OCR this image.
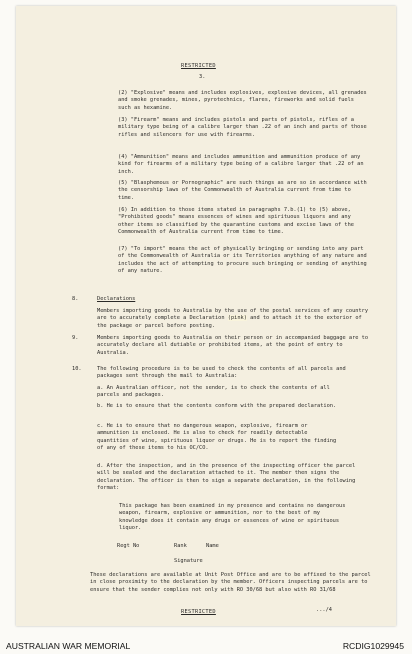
RESTRICTED
3.

(2) "Explosive" means and includes explosives, explosive devices, all grenades and smoke grenades, mines, pyrotechnics, flares, fireworks and solid fuels such as hexamine.

(3) "Firearm" means and includes pistols and parts of pistols, rifles of a military type being of a calibre larger than .22 of an inch and parts of those rifles and silencers for use with firearms.

(4) "Ammunition" means and includes ammunition and ammunition produce of any kind for firearms of a military type being of a calibre larger that .22 of an inch.

(5) "Blasphemous or Pornographic" are such things as are so in accordance with the censorship laws of the Commonwealth of Australia current from time to time.

(6) In addition to those items stated in paragraphs 7.b.(1) to (5) above, "Prohibited goods" means essences of wines and spirituous liquors and any other items so classified by the quarantine customs and excise laws of the Commonwealth of Australia current from time to time.

(7) "To import" means the act of physically bringing or sending into any part of the Commonwealth of Australia or its Territories anything of any nature and includes the act of attempting to procure such bringing or sending of anything of any nature.

8.	Declarations

Members importing goods to Australia by the use of the postal services of any country are to accurately complete a Declaration (pink) and to attach it to the exterior of the package or parcel before posting.

9.	Members importing goods to Australia on their person or in accompanied baggage are to accurately declare all dutiable or prohibited items, at the point of entry to Australia.

10.	The following procedure is to be used to check the contents of all parcels and packages sent through the mail to Australia:

a. An Australian officer, not the sender, is to check the contents of all parcels and packages.

b. He is to ensure that the contents conform with the prepared declaration.

c. He is to ensure that no dangerous weapon, explosive, firearm or ammunition is enclosed. He is also to check for readily detectable quantities of wine, spirituous liquor or drugs. He is to report the finding of any of these items to his OC/CO.

d. After the inspection, and in the presence of the inspecting officer the parcel will be sealed and the declaration attached to it. The member then signs the declaration. The officer is then to sign a separate declaration, in the following format:

This package has been examined in my presence and contains no dangerous weapon, firearm, explosive or ammunition, nor to the best of my knowledge does it contain any drugs or essences of wine or spirituous liquor.

Regt No	Rank	Name
Signature

These declarations are available at Unit Post Office and are to be affixed to the parcel in close proximity to the declaration by the member. Officers inspecting parcels are to ensure that the sender complies not only with RO 30/68 but also with RO 31/68

RESTRICTED	.../4
AUSTRALIAN WAR MEMORIAL	RCDIG1029945
